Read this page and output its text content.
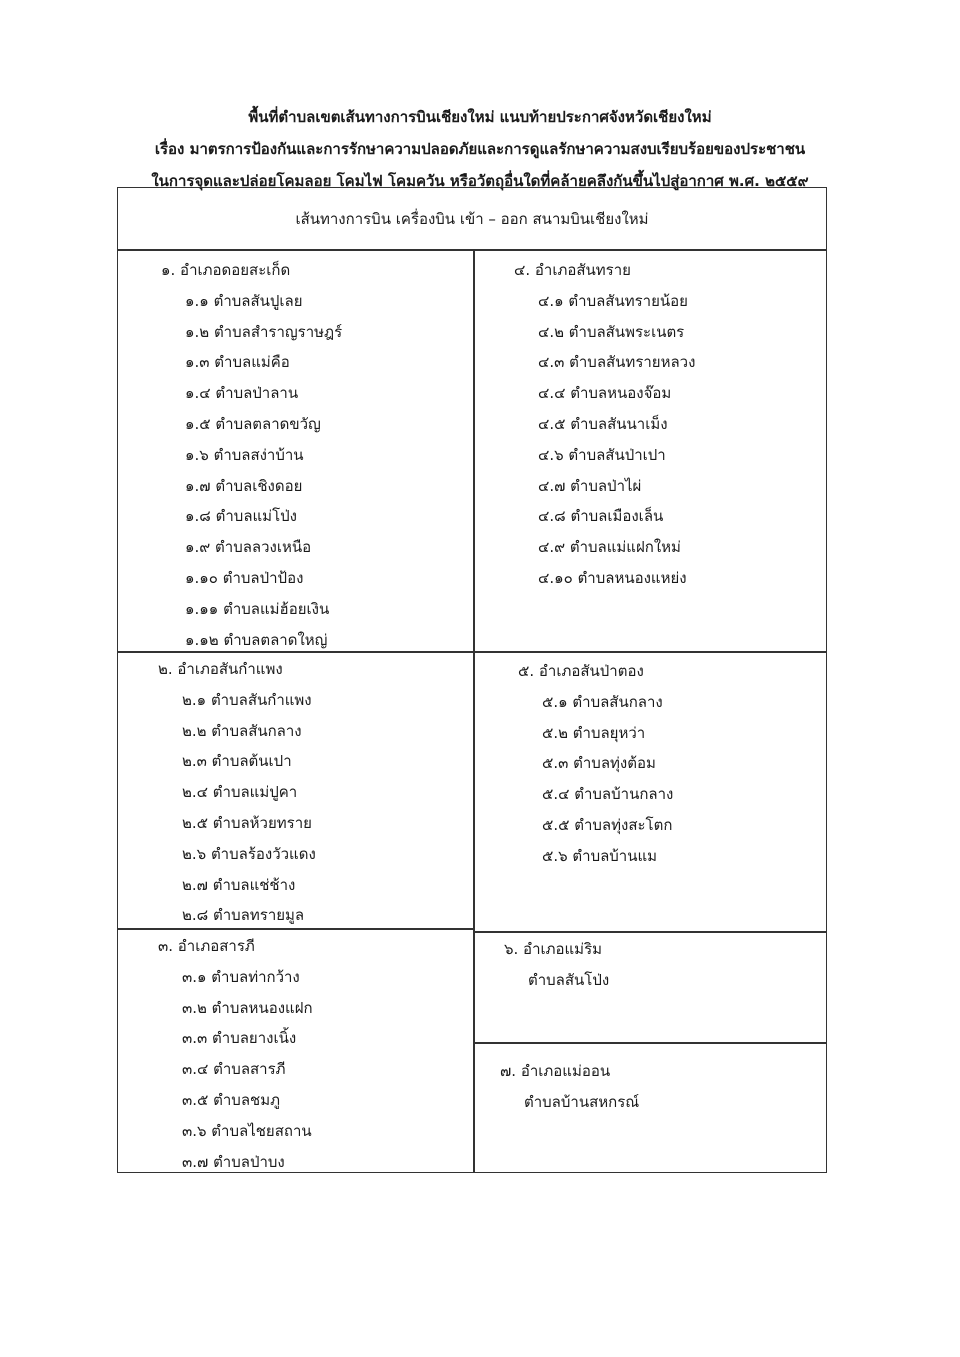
พื้นที่ตำบลเขตเส้นทางการบินเชียงใหม่ แนบท้ายประกาศจังหวัดเชียงใหม่
เรื่อง มาตรการป้องกันและการรักษาความปลอดภัยและการดูแลรักษาความสงบเรียบร้อยของประชาชน
ในการจุดและปล่อยโคมลอย โคมไฟ โคมควัน หรือวัตถุอื่นใดที่คล้ายคลึงกันขึ้นไปสู่อากาศ พ.ศ. ๒๕๕๙
เส้นทางการบิน เครื่องบิน เข้า – ออก สนามบินเชียงใหม่
๑. อำเภอดอยสะเก็ด
๑.๑ ตำบลสันปูเลย
๑.๒ ตำบลสำราญราษฎร์
๑.๓ ตำบลแม่คือ
๑.๔ ตำบลป่าลาน
๑.๕ ตำบลตลาดขวัญ
๑.๖ ตำบลสง่าบ้าน
๑.๗ ตำบลเชิงดอย
๑.๘ ตำบลแม่โป่ง
๑.๙ ตำบลลวงเหนือ
๑.๑๐ ตำบลป่าป้อง
๑.๑๑ ตำบลแม่ฮ้อยเงิน
๑.๑๒ ตำบลตลาดใหญ่
๒. อำเภอสันกำแพง
๒.๑ ตำบลสันกำแพง
๒.๒ ตำบลสันกลาง
๒.๓ ตำบลต้นเปา
๒.๔ ตำบลแม่ปูคา
๒.๕ ตำบลห้วยทราย
๒.๖ ตำบลร้องวัวแดง
๒.๗ ตำบลแช่ช้าง
๒.๘ ตำบลทรายมูล
๓. อำเภอสารภี
๓.๑ ตำบลท่ากว้าง
๓.๒ ตำบลหนองแฝก
๓.๓ ตำบลยางเนิ้ง
๓.๔ ตำบลสารภี
๓.๕ ตำบลชมภู
๓.๖ ตำบลไชยสถาน
๓.๗ ตำบลป่าบง
๔. อำเภอสันทราย
๔.๑ ตำบลสันทรายน้อย
๔.๒ ตำบลสันพระเนตร
๔.๓ ตำบลสันทรายหลวง
๔.๔ ตำบลหนองจ๊อม
๔.๕ ตำบลสันนาเม็ง
๔.๖ ตำบลสันป่าเปา
๔.๗ ตำบลป่าไผ่
๔.๘ ตำบลเมืองเล็น
๔.๙ ตำบลแม่แฝกใหม่
๔.๑๐ ตำบลหนองแหย่ง
๕. อำเภอสันป่าตอง
๕.๑ ตำบลสันกลาง
๕.๒ ตำบลยุหว่า
๕.๓ ตำบลทุ่งต้อม
๕.๔ ตำบลบ้านกลาง
๕.๕ ตำบลทุ่งสะโตก
๕.๖ ตำบลบ้านแม
๖. อำเภอแม่ริม
ตำบลสันโป่ง
๗. อำเภอแม่ออน
ตำบลบ้านสหกรณ์
